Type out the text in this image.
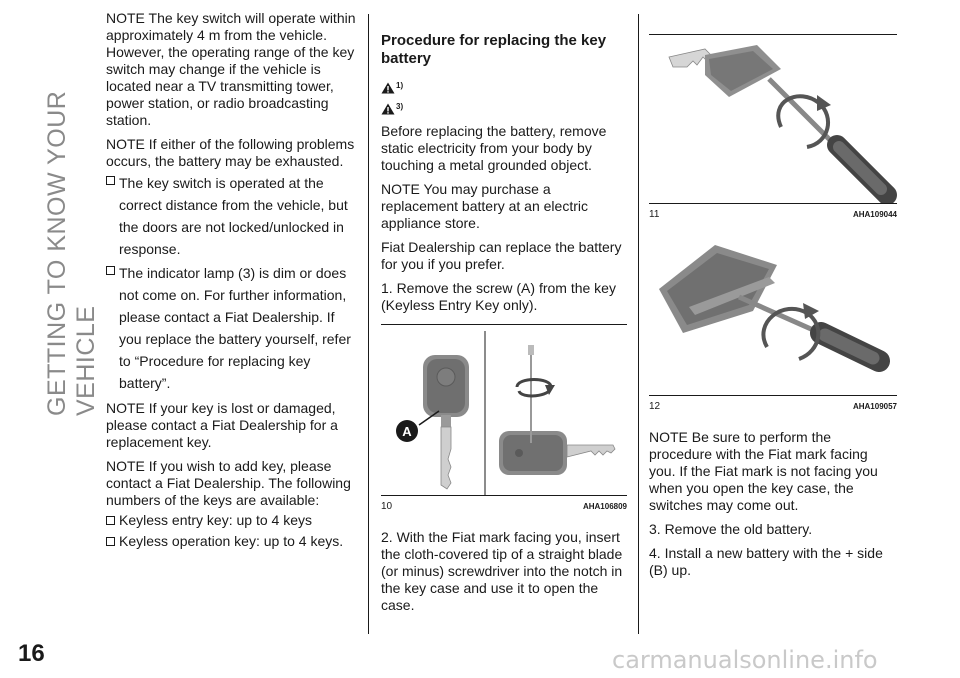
GETTING TO KNOW YOUR VEHICLE

NOTE The key switch will operate within approximately 4 m from the vehicle. However, the operating range of the key switch may change if the vehicle is located near a TV transmitting tower, power station, or radio broadcasting station.

NOTE If either of the following problems occurs, the battery may be exhausted.

The key switch is operated at the correct distance from the vehicle, but the doors are not locked/unlocked in response.
The indicator lamp (3) is dim or does not come on. For further information, please contact a Fiat Dealership. If you replace the battery yourself, refer to “Procedure for replacing key battery”.

NOTE If your key is lost or damaged, please contact a Fiat Dealership for a replacement key.

NOTE If you wish to add key, please contact a Fiat Dealership. The following numbers of the keys are available:

Keyless entry key: up to 4 keys
Keyless operation key: up to 4 keys.
Procedure for replacing the key battery
1)
3)

Before replacing the battery, remove static electricity from your body by touching a metal grounded object.

NOTE You may purchase a replacement battery at an electric appliance store.

Fiat Dealership can replace the battery for you if you prefer.

1. Remove the screw (A) from the key (Keyless Entry Key only).

A
10	AHA106809

2. With the Fiat mark facing you, insert the cloth-covered tip of a straight blade (or minus) screwdriver into the notch in the key case and use it to open the case.

11	AHA109044
12	AHA109057

NOTE Be sure to perform the procedure with the Fiat mark facing you. If the Fiat mark is not facing you when you open the key case, the switches may come out.

3. Remove the old battery.

4. Install a new battery with the + side (B) up.

16	carmanualsonline.info
